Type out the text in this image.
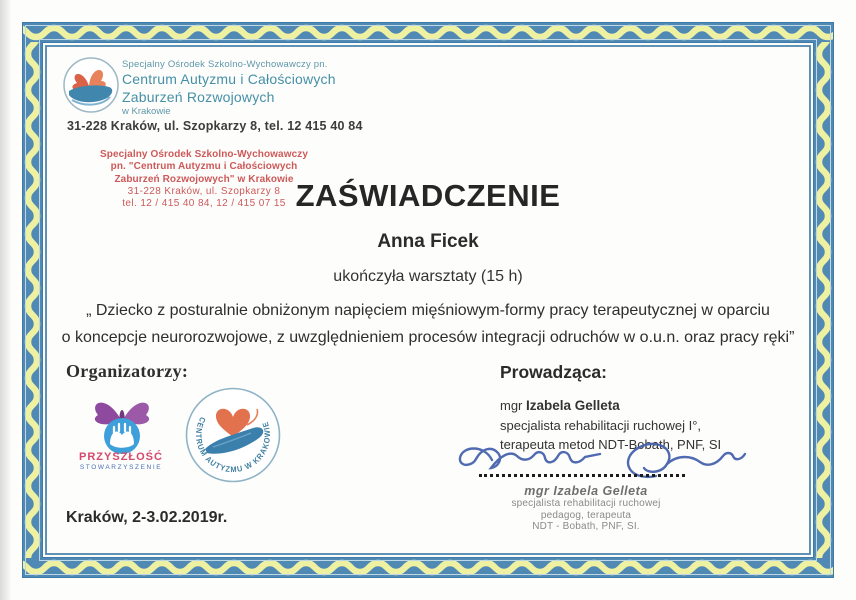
Specjalny Ośrodek Szkolno-Wychowawczy pn.
Centrum Autyzmu i Całościowych
Zaburzeń Rozwojowych
w Krakowie
31-228 Kraków, ul. Szopkarzy 8, tel. 12 415 40 84
Specjalny Ośrodek Szkolno-Wychowawczy
pn. "Centrum Autyzmu i Całościowych
Zaburzeń Rozwojowych" w Krakowie
31-228 Kraków, ul. Szopkarzy 8
tel. 12 / 415 40 84, 12 / 415 07 15 ZAŚWIADCZENIE
Anna Ficek
ukończyła warsztaty (15 h)
„ Dziecko z posturalnie obniżonym napięciem mięśniowym-formy pracy terapeutycznej w oparciu
o koncepcje neurorozwojowe, z uwzględnieniem procesów integracji odruchów w o.u.n. oraz pracy ręki”
Organizatorzy:	Prowadząca:
mgr Izabela Gelleta
specjalista rehabilitacji ruchowej I°,
terapeuta metod NDT-Bobath, PNF, SI
PRZYSZŁOŚĆ
STOWARZYSZENIE
CENTRUM AUTYZMU W KRAKOWIE
mgr Izabela Gelleta
specjalista rehabilitacji ruchowej
pedagog, terapeuta
NDT - Bobath, PNF, SI.
Kraków, 2-3.02.2019r.
